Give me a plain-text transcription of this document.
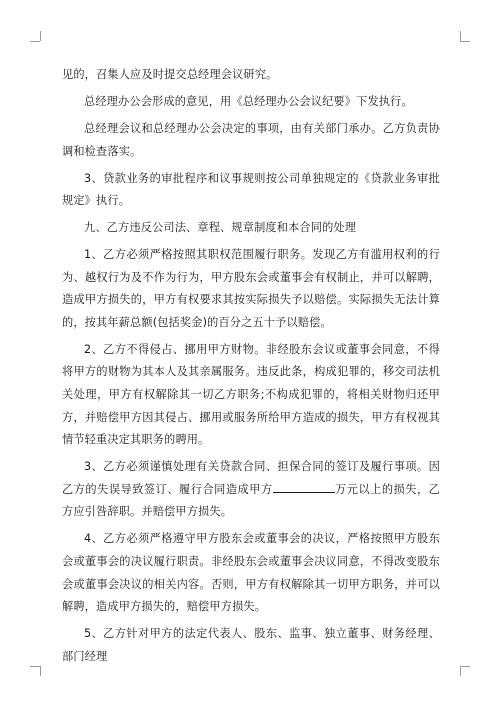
见的，召集人应及时提交总经理会议研究。

总经理办公会形成的意见，用《总经理办公会议纪要》下发执行。

总经理会议和总经理办公会决定的事项，由有关部门承办。乙方负责协调和检查落实。

3、贷款业务的审批程序和议事规则按公司单独规定的《贷款业务审批规定》执行。

九、乙方违反公司法、章程、规章制度和本合同的处理

1、乙方必须严格按照其职权范围履行职务。发现乙方有滥用权利的行为、越权行为及不作为行为，甲方股东会或董事会有权制止，并可以解聘，造成甲方损失的，甲方有权要求其按实际损失予以赔偿。实际损失无法计算的，按其年薪总额(包括奖金)的百分之五十予以赔偿。

2、乙方不得侵占、挪用甲方财物。非经股东会议或董事会同意，不得将甲方的财物为其本人及其亲属服务。违反此条，构成犯罪的，移交司法机关处理，甲方有权解除其一切乙方职务;不构成犯罪的，将相关财物归还甲方，并赔偿甲方因其侵占、挪用或服务所给甲方造成的损失，甲方有权视其情节轻重决定其职务的聘用。

3、乙方必须谨慎处理有关贷款合同、担保合同的签订及履行事项。因乙方的失误导致签订、履行合同造成甲方	万元以上的损失，乙方应引咎辞职。并赔偿甲方损失。

4、乙方必须严格遵守甲方股东会或董事会的决议，严格按照甲方股东会或董事会的决议履行职责。非经股东会或董事会决议同意，不得改变股东会或董事会决议的相关内容。否则，甲方有权解除其一切甲方职务，并可以解聘，造成甲方损失的，赔偿甲方损失。

5、乙方针对甲方的法定代表人、股东、监事、独立董事、财务经理、部门经理
